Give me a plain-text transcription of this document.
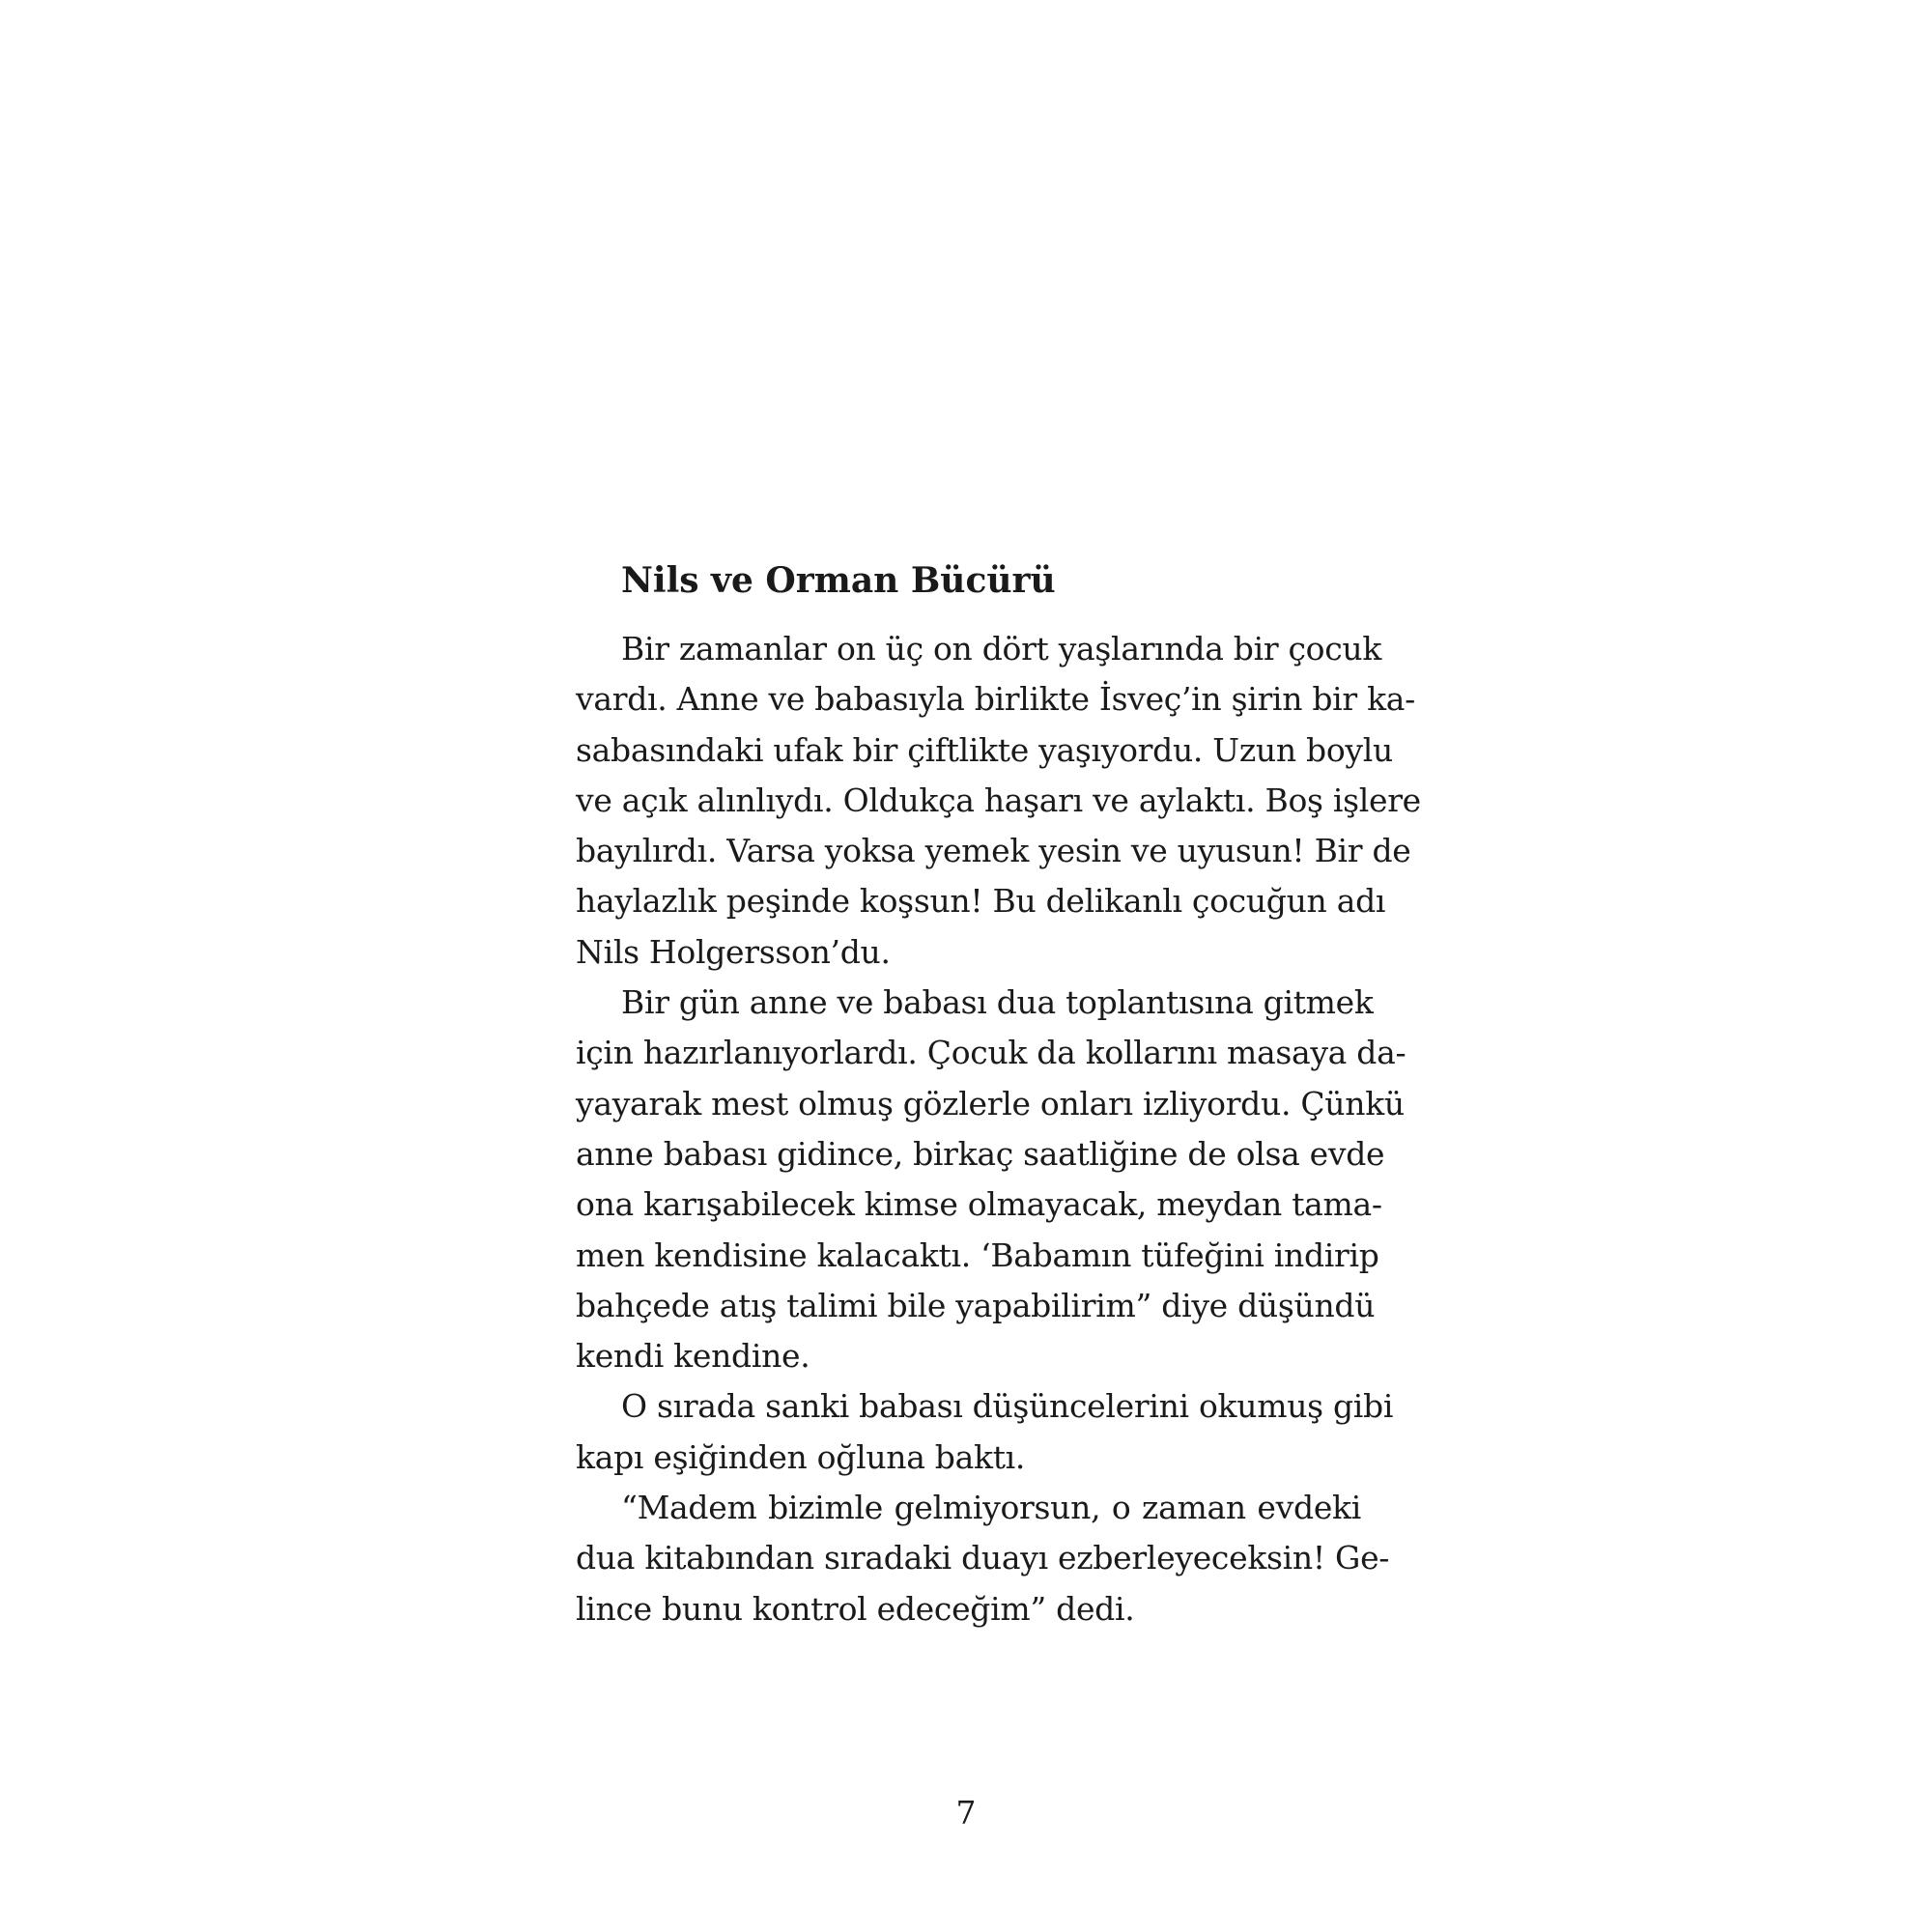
Nils ve Orman Bücürü

Bir zamanlar on üç on dört yaşlarında bir çocuk
vardı. Anne ve babasıyla birlikte İsveç’in şirin bir ka-
sabasındaki ufak bir çiftlikte yaşıyordu. Uzun boylu
ve açık alınlıydı. Oldukça haşarı ve aylaktı. Boş işlere
bayılırdı. Varsa yoksa yemek yesin ve uyusun! Bir de
haylazlık peşinde koşsun! Bu delikanlı çocuğun adı
Nils Holgersson’du.

Bir gün anne ve babası dua toplantısına gitmek
için hazırlanıyorlardı. Çocuk da kollarını masaya da-
yayarak mest olmuş gözlerle onları izliyordu. Çünkü
anne babası gidince, birkaç saatliğine de olsa evde
ona karışabilecek kimse olmayacak, meydan tama-
men kendisine kalacaktı. ‘Babamın tüfeğini indirip
bahçede atış talimi bile yapabilirim” diye düşündü
kendi kendine.

O sırada sanki babası düşüncelerini okumuş gibi
kapı eşiğinden oğluna baktı.

“Madem bizimle gelmiyorsun, o zaman evdeki
dua kitabından sıradaki duayı ezberleyeceksin! Ge-
lince bunu kontrol edeceğim” dedi.

7
